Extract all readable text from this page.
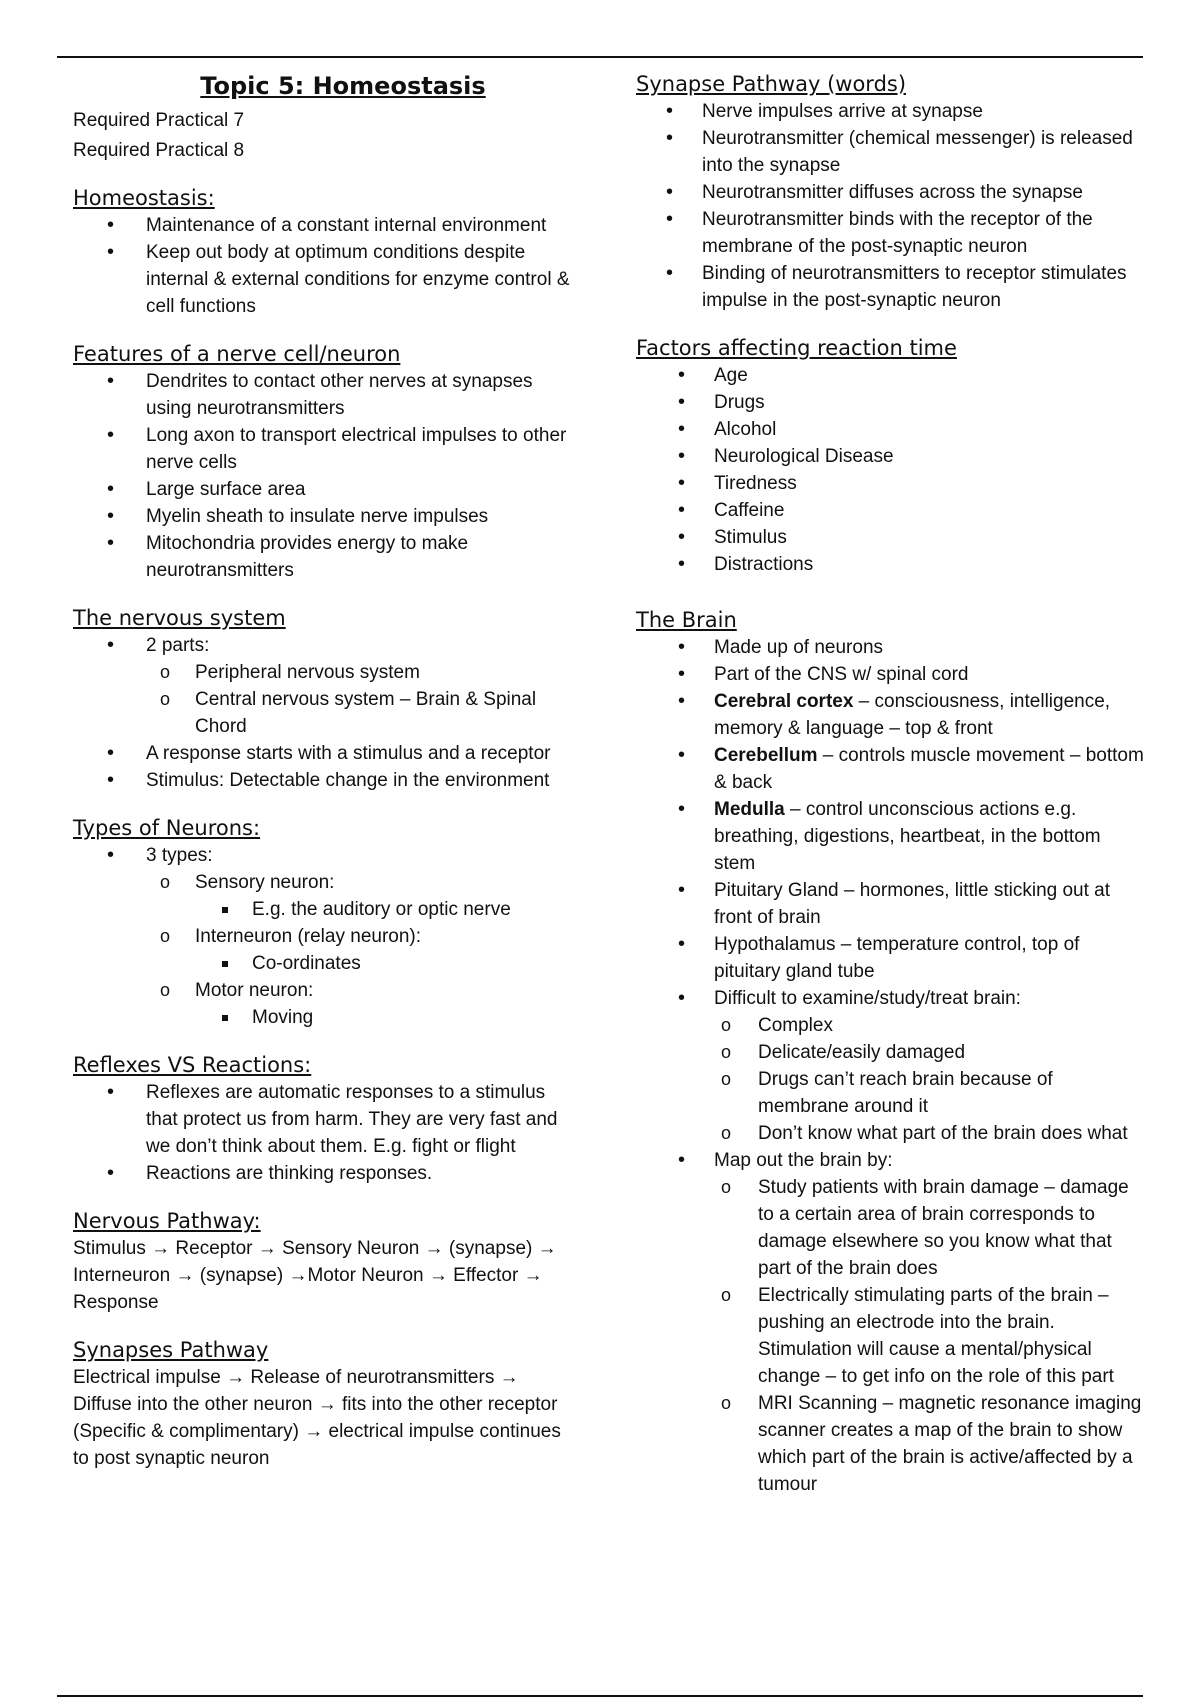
Topic 5: Homeostasis

Required Practical 7

Required Practical 8

Homeostasis:
• Maintenance of a constant internal environment
• Keep out body at optimum conditions despite internal & external conditions for enzyme control & cell functions
Features of a nerve cell/neuron
• Dendrites to contact other nerves at synapses using neurotransmitters
• Long axon to transport electrical impulses to other nerve cells
• Large surface area
• Myelin sheath to insulate nerve impulses
• Mitochondria provides energy to make neurotransmitters
The nervous system
• 2 parts:
o Peripheral nervous system
o Central nervous system – Brain & Spinal Chord
• A response starts with a stimulus and a receptor
• Stimulus: Detectable change in the environment
Types of Neurons:
• 3 types:
o Sensory neuron:
E.g. the auditory or optic nerve
o Interneuron (relay neuron):
Co-ordinates
o Motor neuron:
Moving
Reflexes VS Reactions:
• Reflexes are automatic responses to a stimulus that protect us from harm. They are very fast and we don’t think about them. E.g. fight or flight
• Reactions are thinking responses.
Nervous Pathway:

Stimulus → Receptor → Sensory Neuron → (synapse) → Interneuron → (synapse) →Motor Neuron → Effector → Response

Synapses Pathway

Electrical impulse → Release of neurotransmitters → Diffuse into the other neuron → fits into the other receptor (Specific & complimentary) → electrical impulse continues to post synaptic neuron

Synapse Pathway (words)
• Nerve impulses arrive at synapse
• Neurotransmitter (chemical messenger) is released into the synapse
• Neurotransmitter diffuses across the synapse
• Neurotransmitter binds with the receptor of the membrane of the post-synaptic neuron
• Binding of neurotransmitters to receptor stimulates impulse in the post-synaptic neuron
Factors affecting reaction time
• Age
• Drugs
• Alcohol
• Neurological Disease
• Tiredness
• Caffeine
• Stimulus
• Distractions
The Brain
• Made up of neurons
• Part of the CNS w/ spinal cord
• Cerebral cortex – consciousness, intelligence, memory & language – top & front
• Cerebellum – controls muscle movement – bottom & back
• Medulla – control unconscious actions e.g. breathing, digestions, heartbeat, in the bottom stem
• Pituitary Gland – hormones, little sticking out at front of brain
• Hypothalamus – temperature control, top of pituitary gland tube
• Difficult to examine/study/treat brain:
o Complex
o Delicate/easily damaged
o Drugs can’t reach brain because of membrane around it
o Don’t know what part of the brain does what
• Map out the brain by:
o Study patients with brain damage – damage to a certain area of brain corresponds to damage elsewhere so you know what that part of the brain does
o Electrically stimulating parts of the brain – pushing an electrode into the brain. Stimulation will cause a mental/physical change – to get info on the role of this part
o MRI Scanning – magnetic resonance imaging scanner creates a map of the brain to show which part of the brain is active/affected by a tumour
